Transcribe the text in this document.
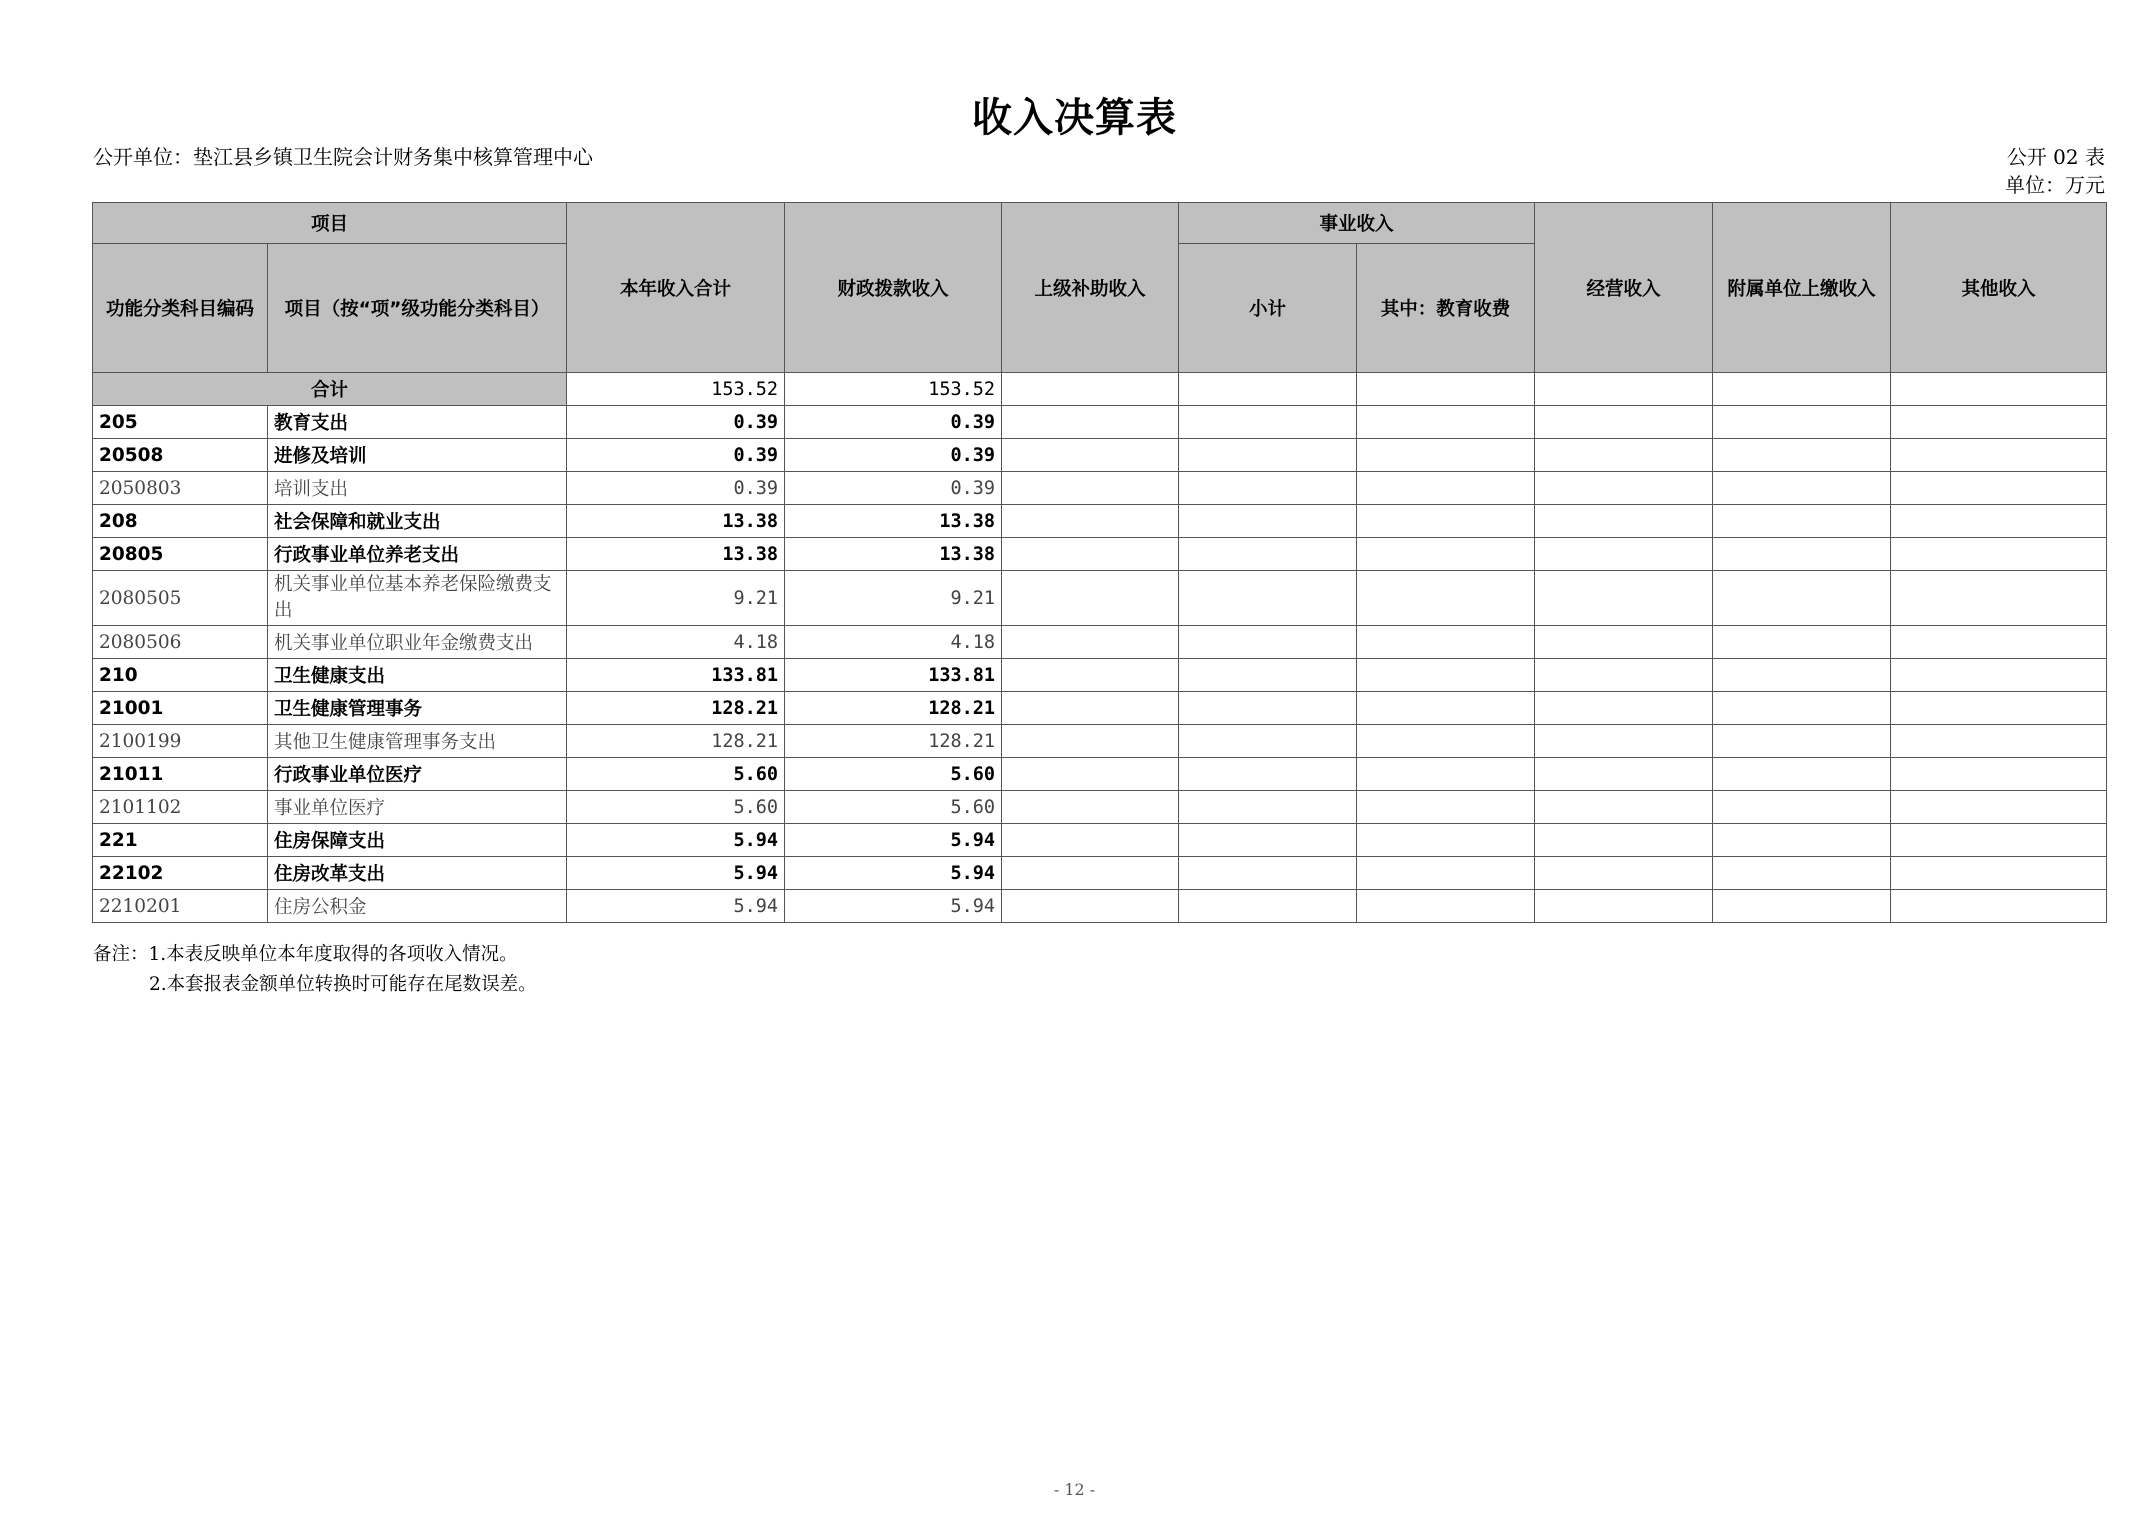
收入决算表
公开单位：垫江县乡镇卫生院会计财务集中核算管理中心	公开 02 表
单位：万元
项目		本年收入合计	财政拨款收入	上级补助收入	事业收入		经营收入	附属单位上缴收入	其他收入
功能分类科目编码	项目（按“项”级功能分类科目）				小计	其中：教育收费			
合计		153.52	153.52						
205	教育支出	0.39	0.39						
20508	进修及培训	0.39	0.39						
2050803	培训支出	0.39	0.39						
208	社会保障和就业支出	13.38	13.38						
20805	行政事业单位养老支出	13.38	13.38						
2080505	机关事业单位基本养老保险缴费支出	9.21	9.21						
2080506	机关事业单位职业年金缴费支出	4.18	4.18						
210	卫生健康支出	133.81	133.81						
21001	卫生健康管理事务	128.21	128.21						
2100199	其他卫生健康管理事务支出	128.21	128.21						
21011	行政事业单位医疗	5.60	5.60						
2101102	事业单位医疗	5.60	5.60						
221	住房保障支出	5.94	5.94						
22102	住房改革支出	5.94	5.94						
2210201	住房公积金	5.94	5.94						
备注：1.本表反映单位本年度取得的各项收入情况。
2.本套报表金额单位转换时可能存在尾数误差。
- 12 -
